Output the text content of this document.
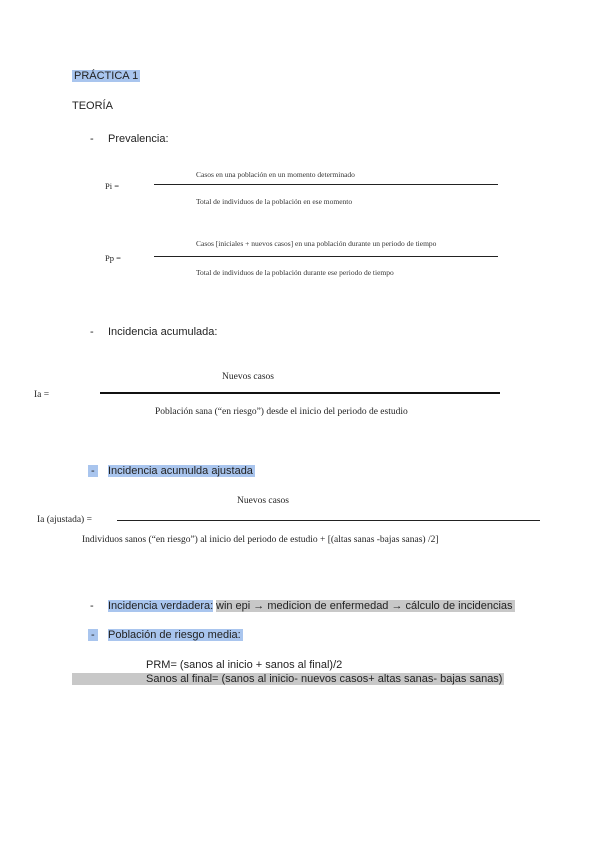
PRÁCTICA 1
TEORÍA
- Prevalencia:
Casos en una población en un momento determinado
Pi =
Total de individuos de la población en ese momento
Casos [iniciales + nuevos casos] en una población durante un periodo de tiempo
Pp =
Total de individuos de la población durante ese periodo de tiempo
- Incidencia acumulada:
Nuevos casos
Ia =
Población sana (“en riesgo”) desde el inicio del periodo de estudio
- Incidencia acumulda ajustada
Nuevos casos
Ia (ajustada) =
Individuos sanos (“en riesgo”) al inicio del periodo de estudio + [(altas sanas -bajas sanas) /2]
- Incidencia verdadera: win epi → medicion de enfermedad → cálculo de incidencias
- Población de riesgo media:
PRM= (sanos al inicio + sanos al final)/2
Sanos al final= (sanos al inicio- nuevos casos+ altas sanas- bajas sanas)
